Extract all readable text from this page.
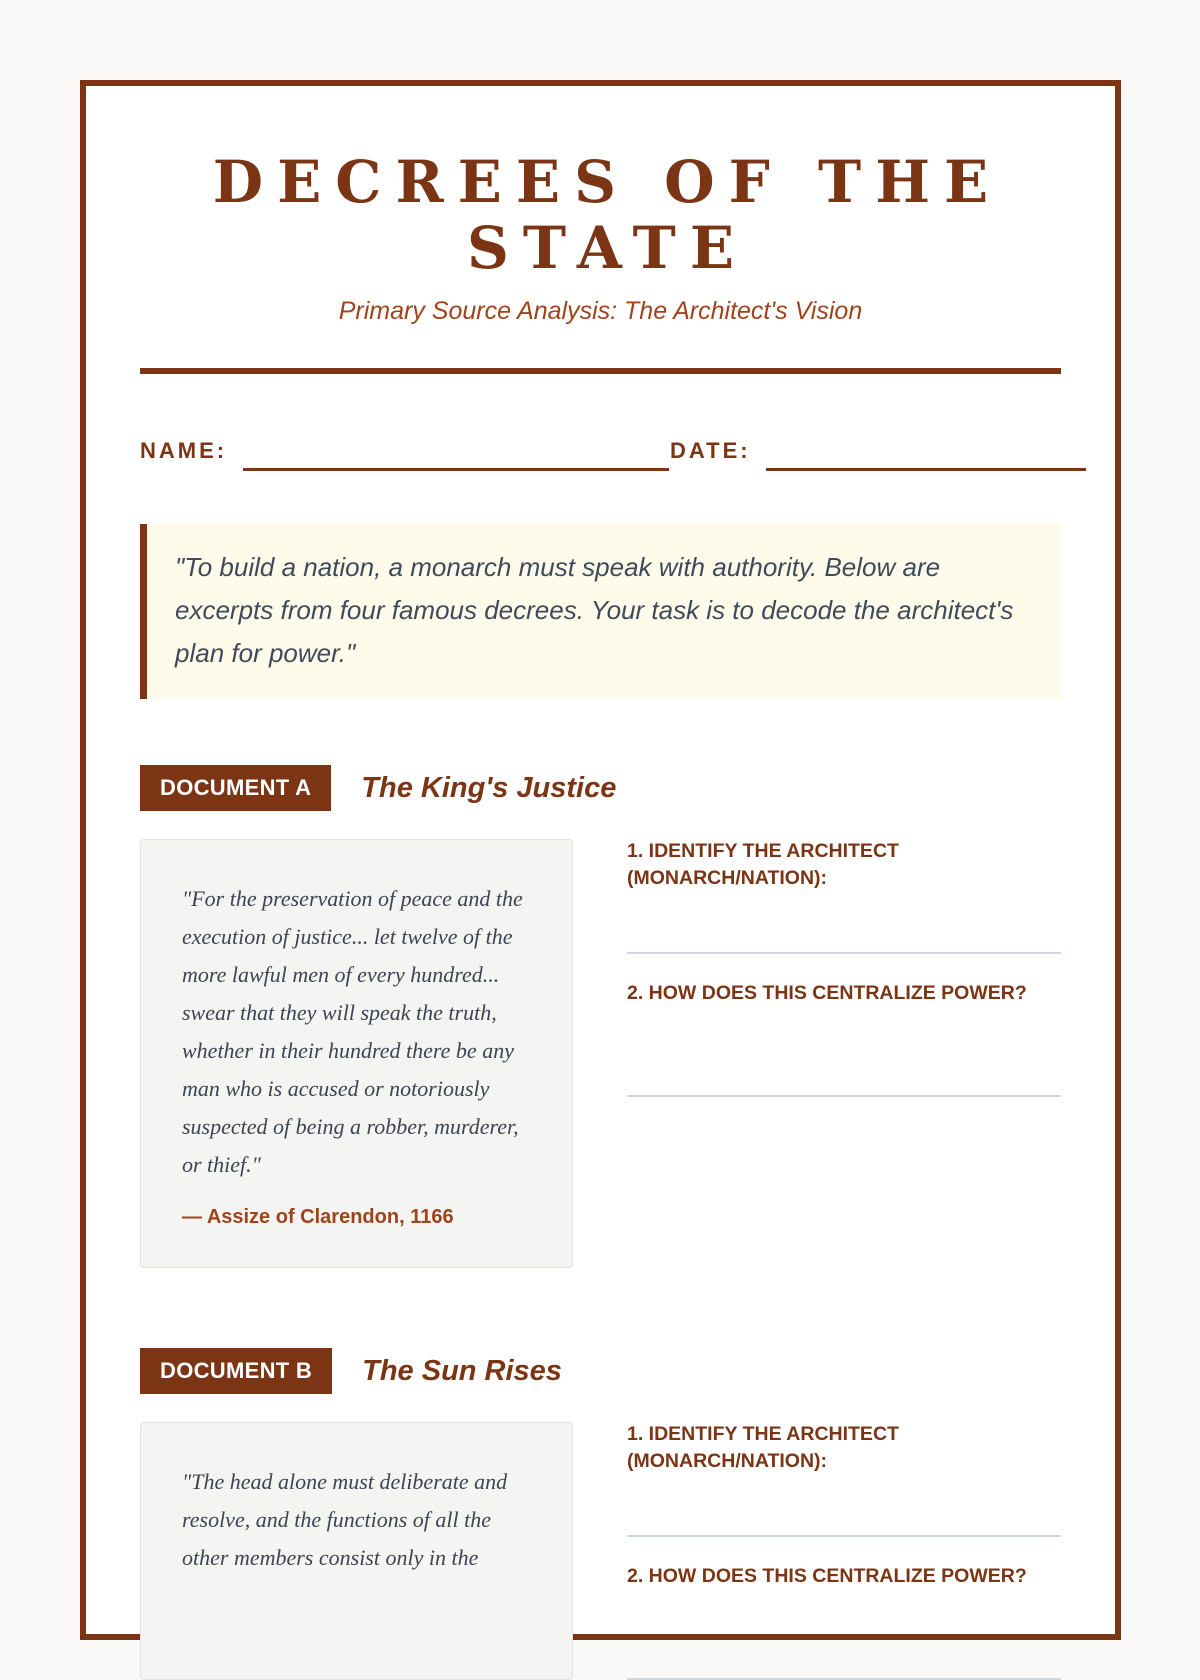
DECREES OF THE STATE
Primary Source Analysis: The Architect's Vision
NAME:	DATE:
"To build a nation, a monarch must speak with authority. Below are excerpts from four famous decrees. Your task is to decode the architect's plan for power."
DOCUMENT A	The King's Justice
"For the preservation of peace and the execution of justice... let twelve of the more lawful men of every hundred... swear that they will speak the truth, whether in their hundred there be any man who is accused or notoriously suspected of being a robber, murderer, or thief."
— Assize of Clarendon, 1166
1. IDENTIFY THE ARCHITECT (MONARCH/NATION):
2. HOW DOES THIS CENTRALIZE POWER?
DOCUMENT B	The Sun Rises
"The head alone must deliberate and resolve, and the functions of all the other members consist only in the
1. IDENTIFY THE ARCHITECT (MONARCH/NATION):
2. HOW DOES THIS CENTRALIZE POWER?
